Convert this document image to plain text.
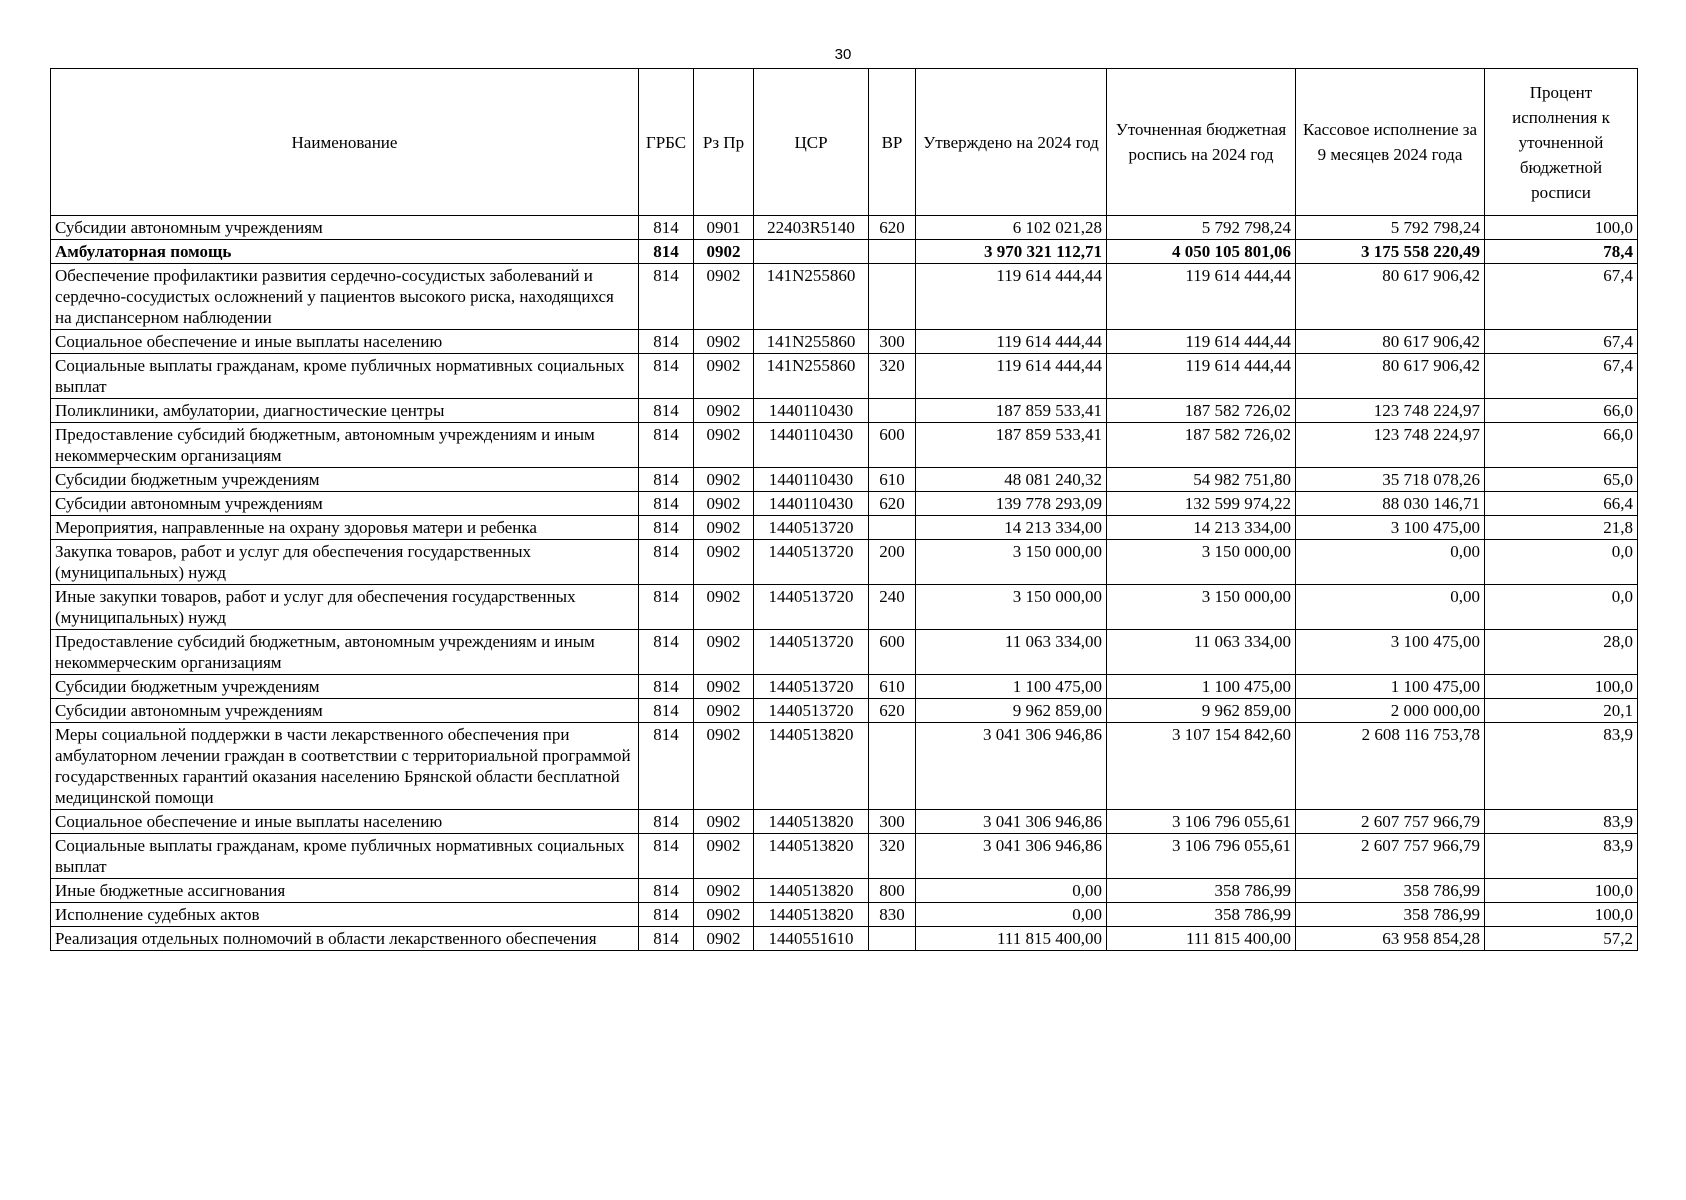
30
Наименование	ГРБС	Рз Пр	ЦСР	ВР	Утверждено на 2024 год	Уточненная бюджетная роспись на 2024 год	Кассовое исполнение за 9 месяцев 2024 года	Процент исполнения к уточненной бюджетной росписи
Субсидии автономным учреждениям	814	0901	22403R5140	620	6 102 021,28	5 792 798,24	5 792 798,24	100,0
Амбулаторная помощь	814	0902			3 970 321 112,71	4 050 105 801,06	3 175 558 220,49	78,4
Обеспечение профилактики развития сердечно-сосудистых заболеваний и сердечно-сосудистых осложнений у пациентов высокого риска, находящихся на диспансерном наблюдении	814	0902	141N255860		119 614 444,44	119 614 444,44	80 617 906,42	67,4
Социальное обеспечение и иные выплаты населению	814	0902	141N255860	300	119 614 444,44	119 614 444,44	80 617 906,42	67,4
Социальные выплаты гражданам, кроме публичных нормативных социальных выплат	814	0902	141N255860	320	119 614 444,44	119 614 444,44	80 617 906,42	67,4
Поликлиники, амбулатории, диагностические центры	814	0902	1440110430		187 859 533,41	187 582 726,02	123 748 224,97	66,0
Предоставление субсидий бюджетным, автономным учреждениям и иным некоммерческим организациям	814	0902	1440110430	600	187 859 533,41	187 582 726,02	123 748 224,97	66,0
Субсидии бюджетным учреждениям	814	0902	1440110430	610	48 081 240,32	54 982 751,80	35 718 078,26	65,0
Субсидии автономным учреждениям	814	0902	1440110430	620	139 778 293,09	132 599 974,22	88 030 146,71	66,4
Мероприятия, направленные на охрану здоровья матери и ребенка	814	0902	1440513720		14 213 334,00	14 213 334,00	3 100 475,00	21,8
Закупка товаров, работ и услуг для обеспечения государственных (муниципальных) нужд	814	0902	1440513720	200	3 150 000,00	3 150 000,00	0,00	0,0
Иные закупки товаров, работ и услуг для обеспечения государственных (муниципальных) нужд	814	0902	1440513720	240	3 150 000,00	3 150 000,00	0,00	0,0
Предоставление субсидий бюджетным, автономным учреждениям и иным некоммерческим организациям	814	0902	1440513720	600	11 063 334,00	11 063 334,00	3 100 475,00	28,0
Субсидии бюджетным учреждениям	814	0902	1440513720	610	1 100 475,00	1 100 475,00	1 100 475,00	100,0
Субсидии автономным учреждениям	814	0902	1440513720	620	9 962 859,00	9 962 859,00	2 000 000,00	20,1
Меры социальной поддержки в части лекарственного обеспечения при амбулаторном лечении граждан в соответствии с территориальной программой государственных гарантий оказания населению Брянской области бесплатной медицинской помощи	814	0902	1440513820		3 041 306 946,86	3 107 154 842,60	2 608 116 753,78	83,9
Социальное обеспечение и иные выплаты населению	814	0902	1440513820	300	3 041 306 946,86	3 106 796 055,61	2 607 757 966,79	83,9
Социальные выплаты гражданам, кроме публичных нормативных социальных выплат	814	0902	1440513820	320	3 041 306 946,86	3 106 796 055,61	2 607 757 966,79	83,9
Иные бюджетные ассигнования	814	0902	1440513820	800	0,00	358 786,99	358 786,99	100,0
Исполнение судебных актов	814	0902	1440513820	830	0,00	358 786,99	358 786,99	100,0
Реализация отдельных полномочий в области лекарственного обеспечения	814	0902	1440551610		111 815 400,00	111 815 400,00	63 958 854,28	57,2
